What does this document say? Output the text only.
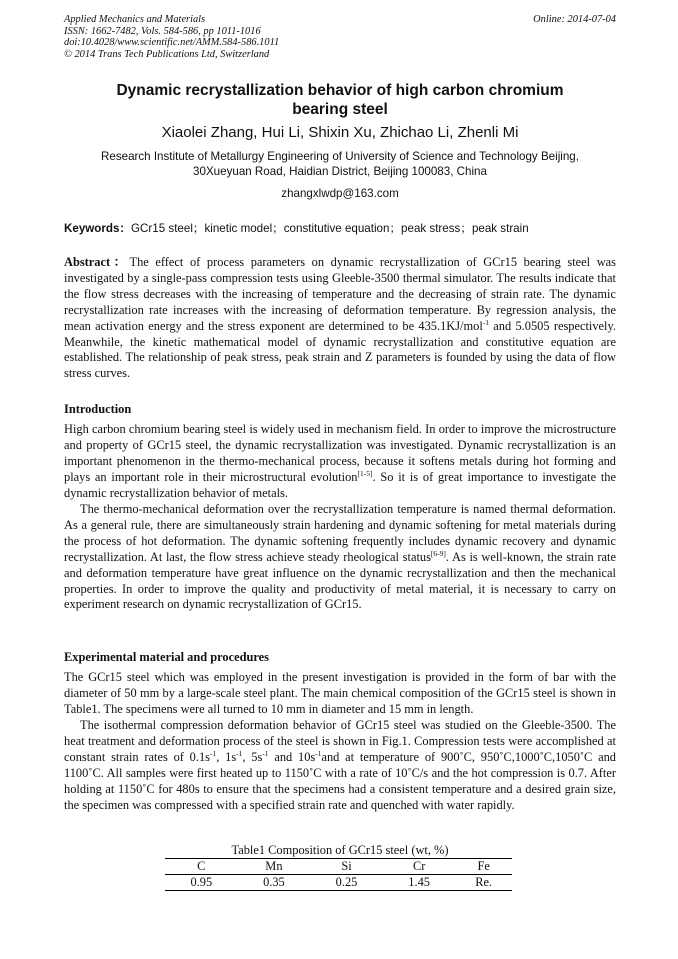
Applied Mechanics and Materials
ISSN: 1662-7482, Vols. 584-586, pp 1011-1016
doi:10.4028/www.scientific.net/AMM.584-586.1011
© 2014 Trans Tech Publications Ltd, Switzerland
Online: 2014-07-04
Dynamic recrystallization behavior of high carbon chromium
bearing steel
Xiaolei Zhang, Hui Li, Shixin Xu, Zhichao Li, Zhenli Mi
Research Institute of Metallurgy Engineering of University of Science and Technology Beijing,
30Xueyuan Road, Haidian District, Beijing 100083, China
zhangxlwdp@163.com
Keywords：GCr15 steel；kinetic model；constitutive equation；peak stress；peak strain
Abstract：The effect of process parameters on dynamic recrystallization of GCr15 bearing steel was investigated by a single-pass compression tests using Gleeble-3500 thermal simulator. The results indicate that the flow stress decreases with the increasing of temperature and the decreasing of strain rate. The dynamic recrystallization rate increases with the increasing of deformation temperature. By regression analysis, the mean activation energy and the stress exponent are determined to be 435.1KJ/mol$^{-1}$ and 5.0505 respectively. Meanwhile, the kinetic mathematical model of dynamic recrystallization and constitutive equation are established. The relationship of peak stress, peak strain and Z parameters is founded by using the data of flow stress curves.
Introduction
High carbon chromium bearing steel is widely used in mechanism field. In order to improve the microstructure and property of GCr15 steel, the dynamic recrystallization was investigated. Dynamic recrystallization is an important phenomenon in the thermo-mechanical process, because it softens metals during hot forming and plays an important role in their microstructural evolution[1-5]. So it is of great importance to investigate the dynamic recrystallization behavior of metals.
The thermo-mechanical deformation over the recrystallization temperature is named thermal deformation. As a general rule, there are simultaneously strain hardening and dynamic softening for metal materials during the process of hot deformation. The dynamic softening frequently includes dynamic recovery and dynamic recrystallization. At last, the flow stress achieve steady rheological status[6-9]. As is well-known, the strain rate and deformation temperature have great influence on the dynamic recrystallization and then the mechanical properties. In order to improve the quality and productivity of metal material, it is necessary to carry on experiment research on dynamic recrystallization of GCr15.
Experimental material and procedures
The GCr15 steel which was employed in the present investigation is provided in the form of bar with the diameter of 50 mm by a large-scale steel plant. The main chemical composition of the GCr15 steel is shown in Table1. The specimens were all turned to 10 mm in diameter and 15 mm in length.
The isothermal compression deformation behavior of GCr15 steel was studied on the Gleeble-3500. The heat treatment and deformation process of the steel is shown in Fig.1. Compression tests were accomplished at constant strain rates of $0.1s^{-1}$, $1s^{-1}$, $5s^{-1}$ and $10s^{-1}and$ at temperature of 900˚C, 950˚C,1000˚C,1050˚C and 1100˚C. All samples were first heated up to 1150˚C with a rate of 10˚C/s and the hot compression is 0.7. After holding at 1150˚C for 480s to ensure that the specimens had a consistent temperature and a desired grain size, the specimen was compressed with a specified strain rate and quenched with water rapidly.
Table1 Composition of GCr15 steel (wt, %)
C	Mn	Si	Cr	Fe
0.95	0.35	0.25	1.45	Re.
